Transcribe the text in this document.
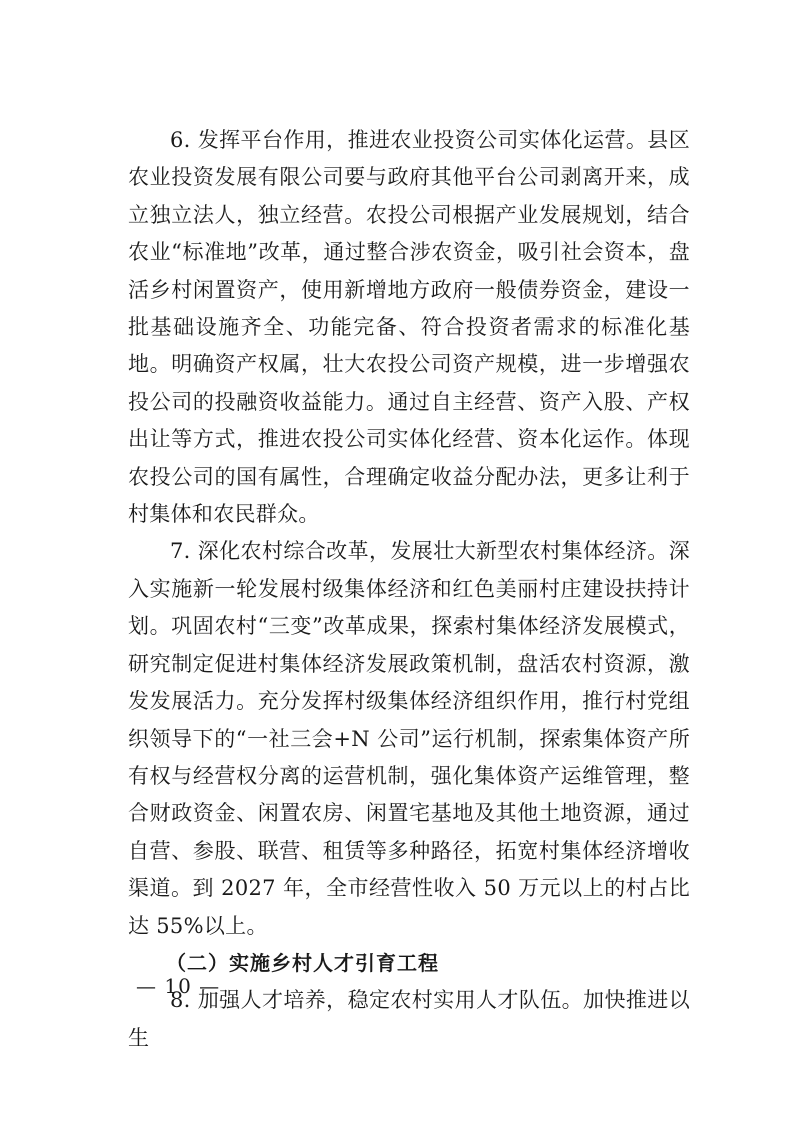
6. 发挥平台作用，推进农业投资公司实体化运营。县区农业投资发展有限公司要与政府其他平台公司剥离开来，成立独立法人，独立经营。农投公司根据产业发展规划，结合农业“标准地”改革，通过整合涉农资金，吸引社会资本，盘活乡村闲置资产，使用新增地方政府一般债券资金，建设一批基础设施齐全、功能完备、符合投资者需求的标准化基地。明确资产权属，壮大农投公司资产规模，进一步增强农投公司的投融资收益能力。通过自主经营、资产入股、产权出让等方式，推进农投公司实体化经营、资本化运作。体现农投公司的国有属性，合理确定收益分配办法，更多让利于村集体和农民群众。

7. 深化农村综合改革，发展壮大新型农村集体经济。深入实施新一轮发展村级集体经济和红色美丽村庄建设扶持计划。巩固农村“三变”改革成果，探索村集体经济发展模式，研究制定促进村集体经济发展政策机制，盘活农村资源，激发发展活力。充分发挥村级集体经济组织作用，推行村党组织领导下的“一社三会+N 公司”运行机制，探索集体资产所有权与经营权分离的运营机制，强化集体资产运维管理，整合财政资金、闲置农房、闲置宅基地及其他土地资源，通过自营、参股、联营、租赁等多种路径，拓宽村集体经济增收渠道。到 2027 年，全市经营性收入 50 万元以上的村占比达 55%以上。

（二）实施乡村人才引育工程

8. 加强人才培养，稳定农村实用人才队伍。加快推进以生

— 10 —
